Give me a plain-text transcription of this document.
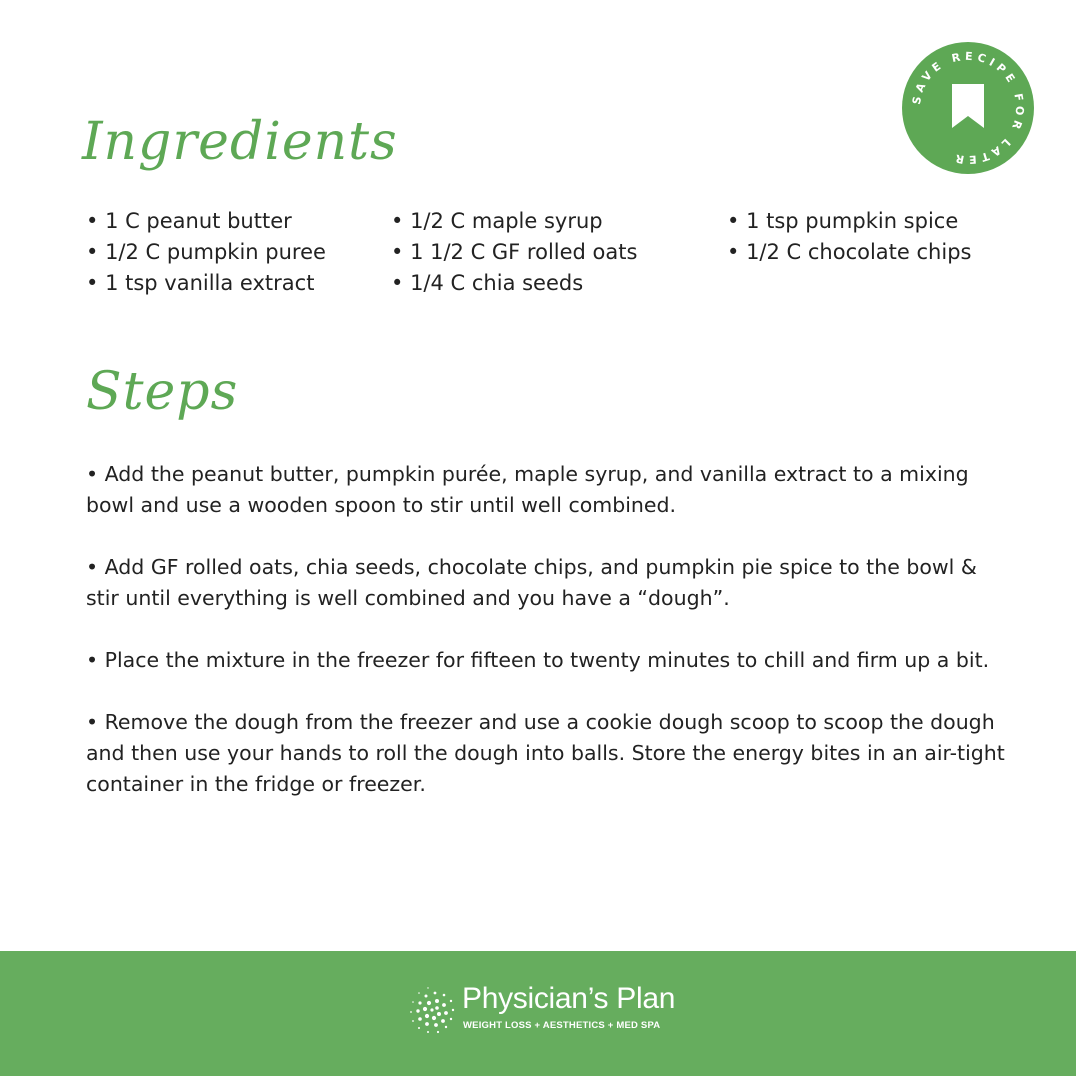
Ingredients
• 1 C peanut butter
• 1/2 C pumpkin puree
• 1 tsp vanilla extract
• 1/2 C maple syrup
• 1 1/2 C GF rolled oats
• 1/4 C chia seeds
• 1 tsp pumpkin spice
• 1/2 C chocolate chips
Steps
• Add the peanut butter, pumpkin purée, maple syrup, and vanilla extract to a mixing bowl and use a wooden spoon to stir until well combined.
• Add GF rolled oats, chia seeds, chocolate chips, and pumpkin pie spice to the bowl & stir until everything is well combined and you have a “dough”.
• Place the mixture in the freezer for fifteen to twenty minutes to chill and firm up a bit.
• Remove the dough from the freezer and use a cookie dough scoop to scoop the dough and then use your hands to roll the dough into balls. Store the energy bites in an air-tight container in the fridge or freezer.
SAVE RECIPE FOR LATER
Physician’s Plan
WEIGHT LOSS + AESTHETICS + MED SPA
